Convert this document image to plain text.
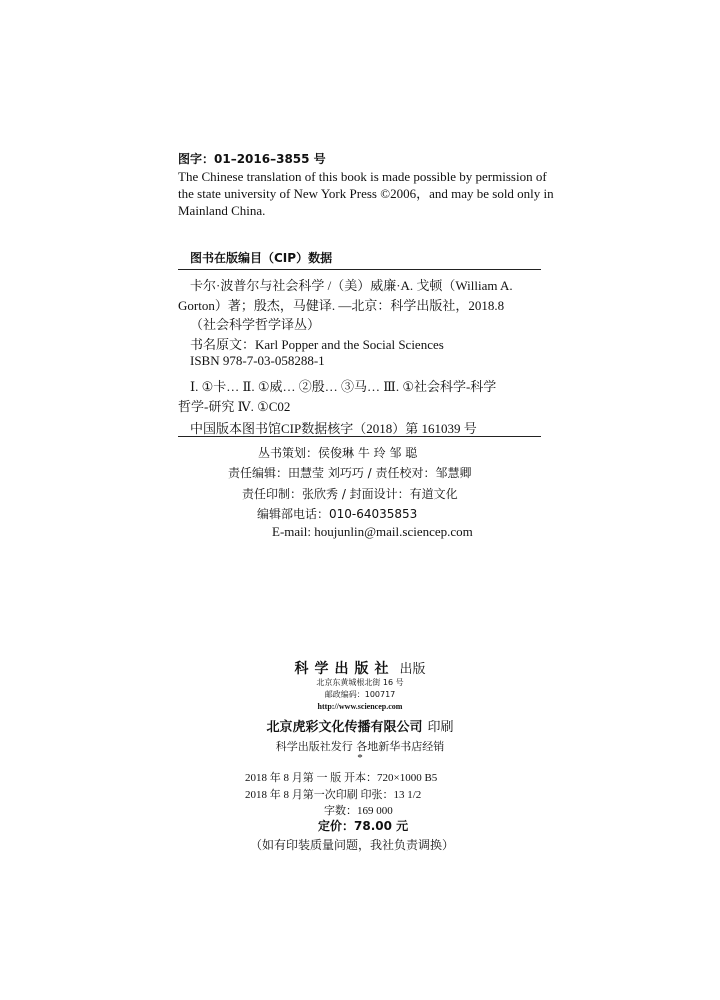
图字：01–2016–3855 号
The Chinese translation of this book is made possible by permission of
the state university of New York Press ©2006，and may be sold only in
Mainland China.
图书在版编目（CIP）数据
卡尔·波普尔与社会科学 /（美）威廉·A. 戈顿（William A.
Gorton）著；殷杰，马健译. —北京：科学出版社，2018.8
（社会科学哲学译丛）
书名原文：Karl Popper and the Social Sciences
ISBN 978-7-03-058288-1
Ⅰ. ①卡… Ⅱ. ①威… ②殷… ③马… Ⅲ. ①社会科学-科学
哲学-研究 Ⅳ. ①C02
中国版本图书馆CIP数据核字（2018）第 161039 号
丛书策划：侯俊琳 牛 玲 邹 聪
责任编辑：田慧莹 刘巧巧 / 责任校对：邹慧卿
责任印制：张欣秀 / 封面设计：有道文化
编辑部电话：010-64035853
E-mail: houjunlin@mail.sciencep.com
科学出版社 出版
北京东黄城根北街 16 号
邮政编码：100717
http://www.sciencep.com
北京虎彩文化传播有限公司 印刷
科学出版社发行 各地新华书店经销
*
2018 年 8 月第 一 版 开本：720×1000 B5
2018 年 8 月第一次印刷 印张：13 1/2
字数：169 000
定价：78.00 元
（如有印装质量问题，我社负责调换）
